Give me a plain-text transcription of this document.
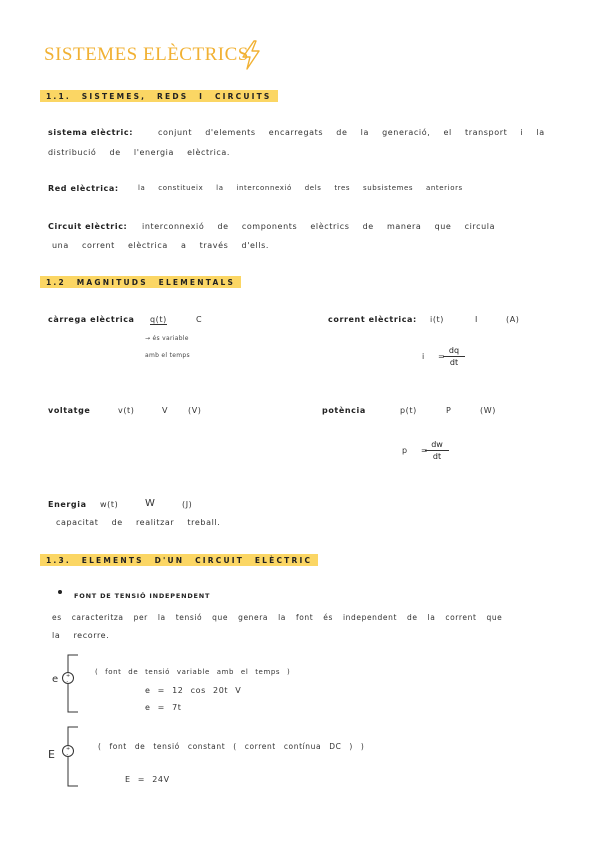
SISTEMES ELÈCTRICS
1.1. SISTEMES, REDS I CIRCUITS
sistema elèctric:	conjunt d'elements encarregats de la generació, el transport i la
distribució de l'energia elèctrica.
Red elèctrica:	la constitueix la interconnexió dels tres subsistemes anteriors
Circuit elèctric: interconnexió de components elèctrics de manera que circula
una corrent elèctrica a través d'ells.
1.2 MAGNITUDS ELEMENTALS
càrrega elèctrica q(t)	C
→ és variable
amb el temps
corrent elèctrica: i(t)	I	(A)
i =
dq
dt
voltatge	v(t)	V (V)	potència	p(t)	P	(W)
p =
dw
dt
Energia w(t)	W	(J)
capacitat de realitzar treball.
1.3. ELEMENTS D'UN CIRCUIT ELÈCTRIC
FONT DE TENSIÓ INDEPENDENT
es caracteritza per la tensió que genera la font és independent de la corrent que
la recorre.
+
-
e
( font de tensió variable amb el temps )
e = 12 cos 20t V
e = 7t
+
-
E
( font de tensió constant ( corrent contínua DC ) )
E = 24V
